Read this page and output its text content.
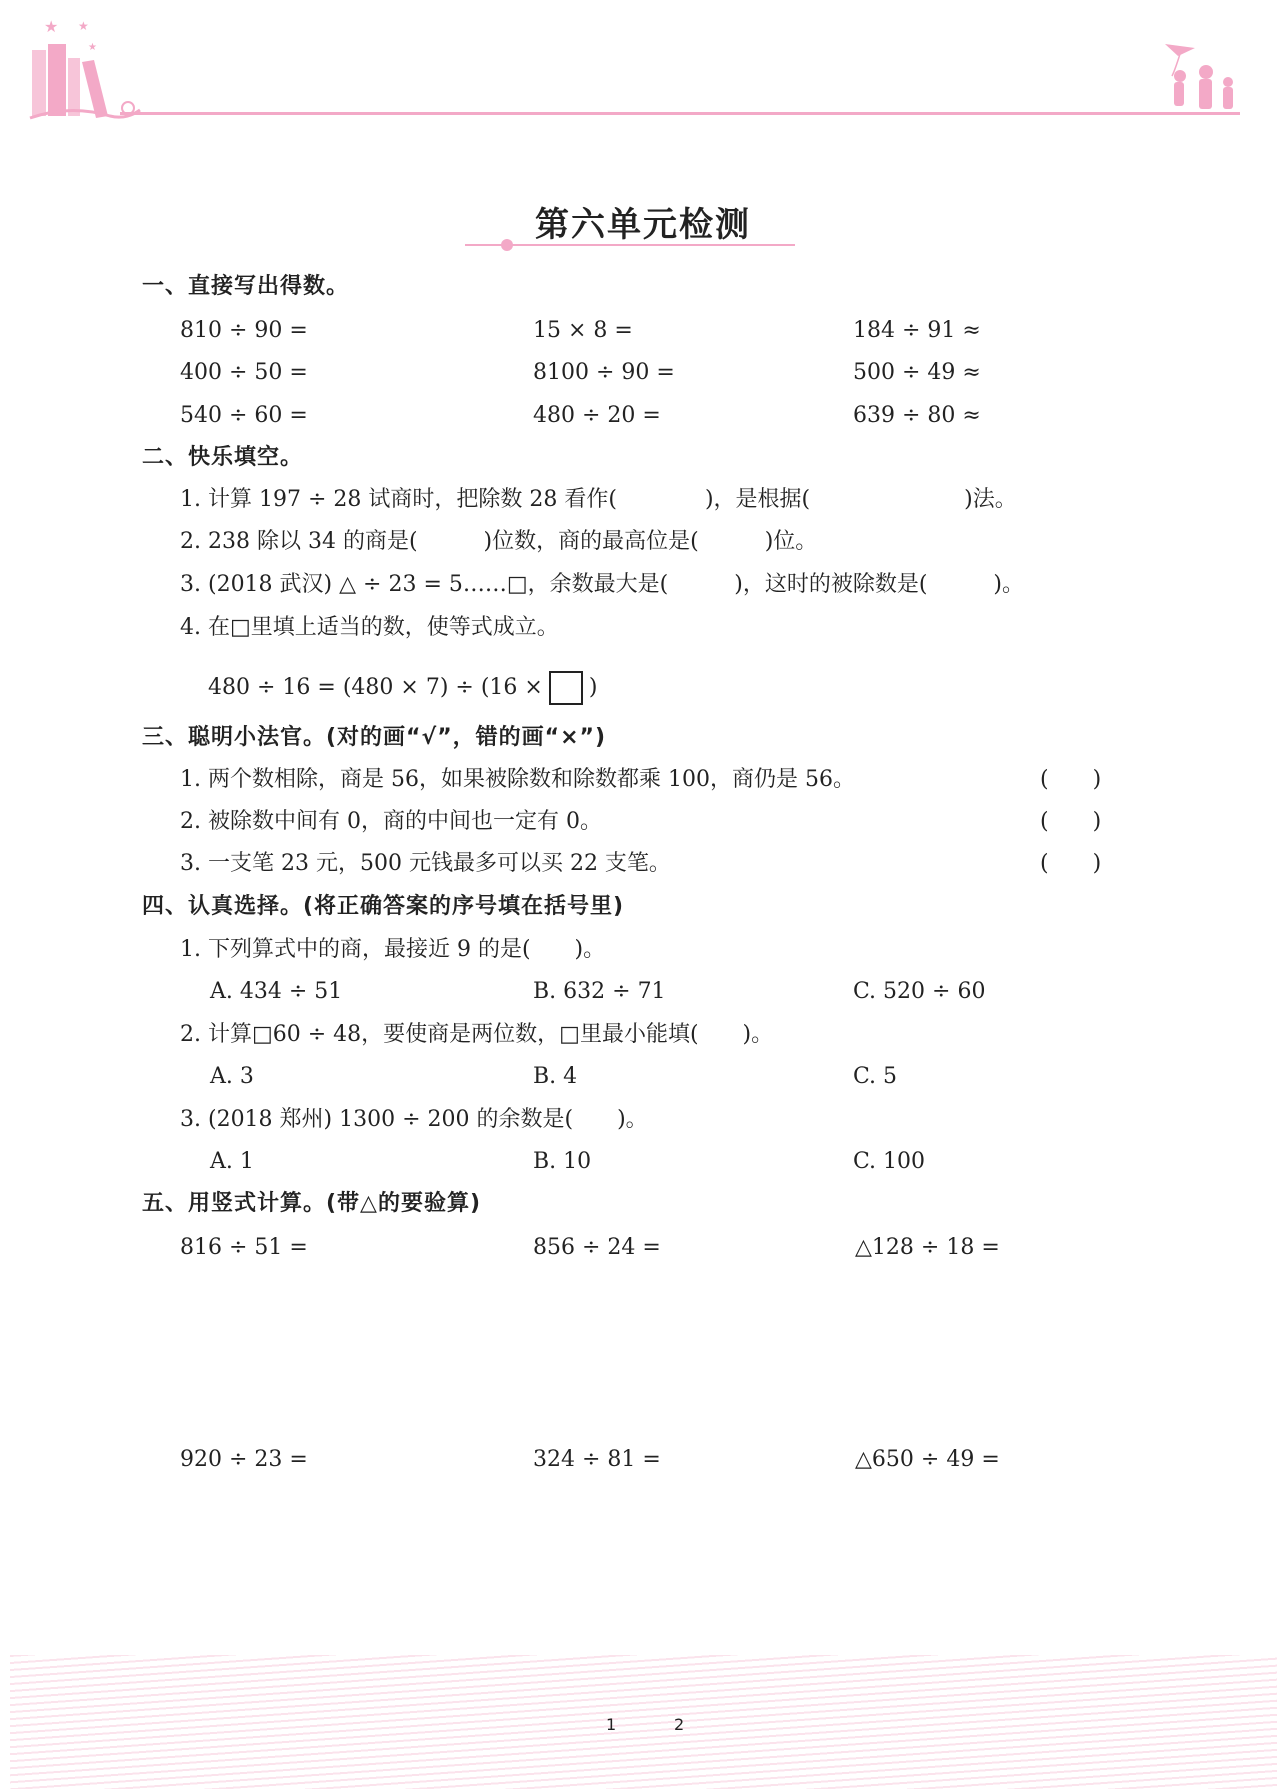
★ ★
★
第六单元检测
一、直接写出得数。
810 ÷ 90 =	15 × 8 =	184 ÷ 91 ≈
400 ÷ 50 =	8100 ÷ 90 =	500 ÷ 49 ≈
540 ÷ 60 =	480 ÷ 20 =	639 ÷ 80 ≈
二、快乐填空。
1. 计算 197 ÷ 28 试商时，把除数 28 看作(　　　　)，是根据(　　　　　　　)法。
2. 238 除以 34 的商是(　　　)位数，商的最高位是(　　　)位。
3. (2018 武汉) △ ÷ 23 = 5……□，余数最大是(　　　)，这时的被除数是(　　　)。
4. 在□里填上适当的数，使等式成立。
480 ÷ 16 = (480 × 7) ÷ (16 × )
三、聪明小法官。(对的画“√”，错的画“×”)
1. 两个数相除，商是 56，如果被除数和除数都乘 100，商仍是 56。	(　　)
2. 被除数中间有 0，商的中间也一定有 0。	(　　)
3. 一支笔 23 元，500 元钱最多可以买 22 支笔。	(　　)
四、认真选择。(将正确答案的序号填在括号里)
1. 下列算式中的商，最接近 9 的是(　　)。
A. 434 ÷ 51	B. 632 ÷ 71	C. 520 ÷ 60
2. 计算□60 ÷ 48，要使商是两位数，□里最小能填(　　)。
A. 3	B. 4	C. 5
3. (2018 郑州) 1300 ÷ 200 的余数是(　　)。
A. 1	B. 10	C. 100
五、用竖式计算。(带△的要验算)
816 ÷ 51 =	856 ÷ 24 =	△128 ÷ 18 =
920 ÷ 23 =	324 ÷ 81 =	△650 ÷ 49 =
1	2
